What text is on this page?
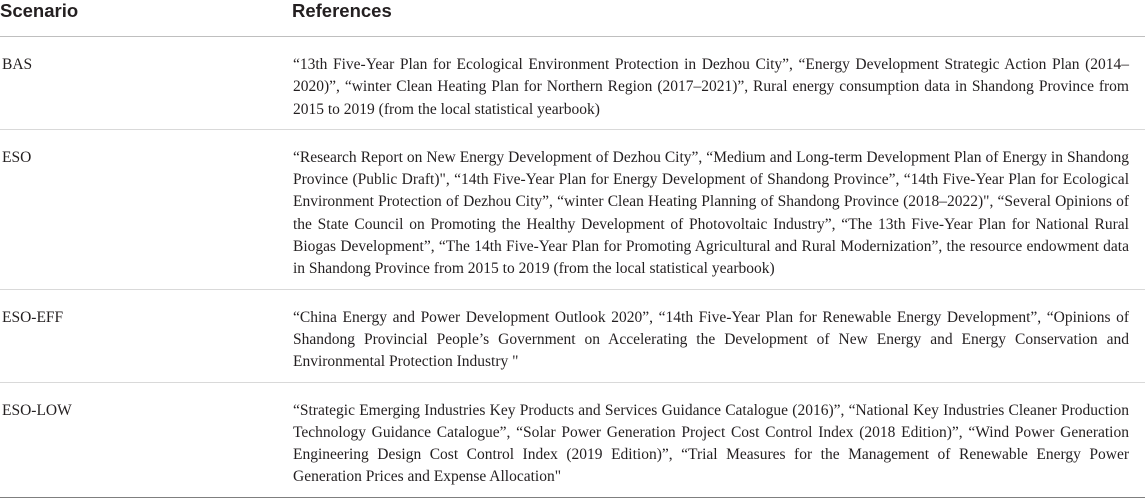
Scenario	References
BAS	“13th Five-Year Plan for Ecological Environment Protection in Dezhou City”, “Energy Development Strategic Action Plan (2014–2020)”, “winter Clean Heating Plan for Northern Region (2017–2021)”, Rural energy consumption data in Shandong Province from 2015 to 2019 (from the local statistical yearbook)
ESO	“Research Report on New Energy Development of Dezhou City”, “Medium and Long-term Development Plan of Energy in Shandong Province (Public Draft)", “14th Five-Year Plan for Energy Development of Shandong Province”, “14th Five-Year Plan for Ecological Environment Protection of Dezhou City”, “winter Clean Heating Planning of Shandong Province (2018–2022)", “Several Opinions of the State Council on Promoting the Healthy Development of Photovoltaic Industry”, “The 13th Five-Year Plan for National Rural Biogas Development”, “The 14th Five-Year Plan for Promoting Agricultural and Rural Modernization”, the resource endowment data in Shandong Province from 2015 to 2019 (from the local statistical yearbook)
ESO-EFF	“China Energy and Power Development Outlook 2020”, “14th Five-Year Plan for Renewable Energy Development”, “Opinions of Shandong Provincial People’s Government on Accelerating the Development of New Energy and Energy Conservation and Environmental Protection Industry "
ESO-LOW	“Strategic Emerging Industries Key Products and Services Guidance Catalogue (2016)”, “National Key Industries Cleaner Production Technology Guidance Catalogue”, “Solar Power Generation Project Cost Control Index (2018 Edition)”, “Wind Power Generation Engineering Design Cost Control Index (2019 Edition)”, “Trial Measures for the Management of Renewable Energy Power Generation Prices and Expense Allocation"
